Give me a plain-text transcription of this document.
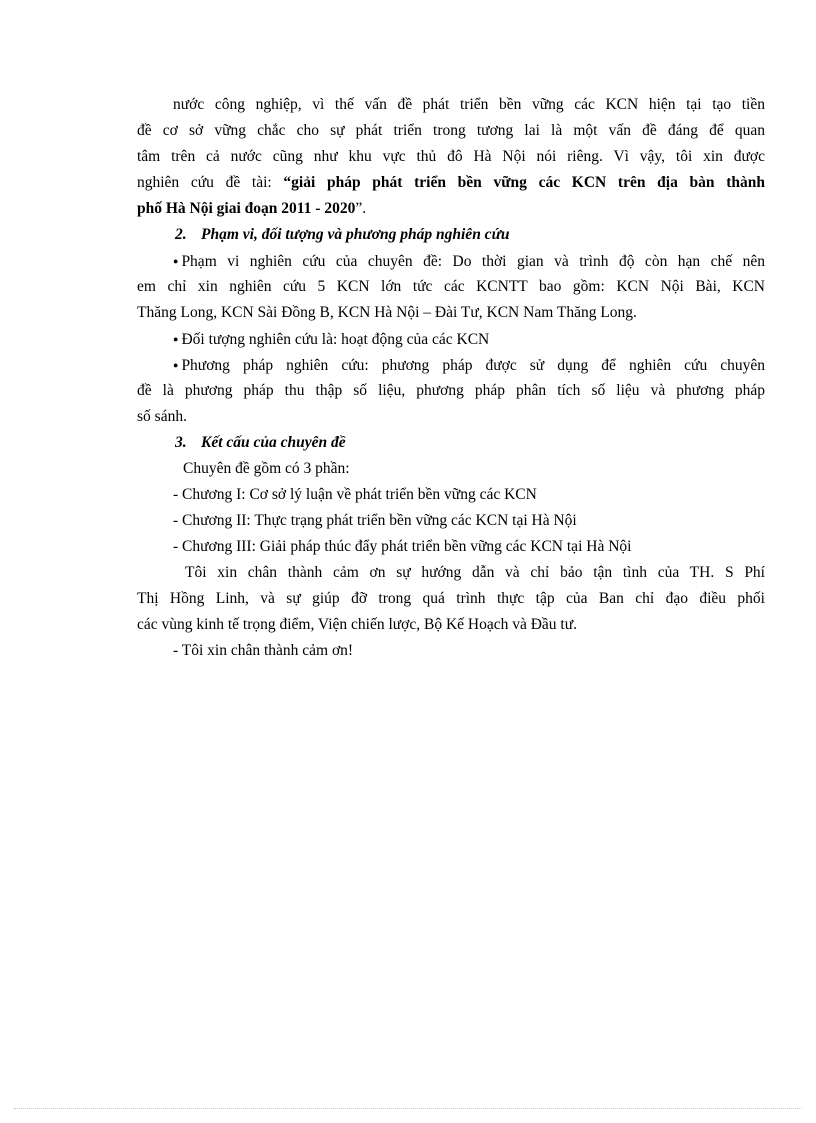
nước công nghiệp, vì thế vấn đề phát triển bền vững các KCN hiện tại tạo tiền
đề cơ sở vững chắc cho sự phát triển trong tương lai là một vấn đề đáng để quan
tâm trên cả nước cũng như khu vực thủ đô Hà Nội nói riêng. Vì vậy, tôi xin được
nghiên cứu đề tài: “giải pháp phát triển bền vững các KCN trên địa bàn thành
phố Hà Nội giai đoạn 2011 - 2020”.
2. Phạm vi, đối tượng và phương pháp nghiên cứu
● Phạm vi nghiên cứu của chuyên đề: Do thời gian và trình độ còn hạn chế nên
em chỉ xin nghiên cứu 5 KCN lớn tức các KCNTT bao gồm: KCN Nội Bài, KCN
Thăng Long, KCN Sài Đồng B, KCN Hà Nội – Đài Tư, KCN Nam Thăng Long.
● Đối tượng nghiên cứu là: hoạt động của các KCN
● Phương pháp nghiên cứu: phương pháp được sử dụng để nghiên cứu chuyên
đề là phương pháp thu thập số liệu, phương pháp phân tích số liệu và phương pháp
số sánh.
3. Kết cấu của chuyên đề
Chuyên đề gồm có 3 phần:
- Chương I: Cơ sở lý luận về phát triển bền vững các KCN
- Chương II: Thực trạng phát triển bền vững các KCN tại Hà Nội
- Chương III: Giải pháp thúc đẩy phát triển bền vững các KCN tại Hà Nội
Tôi xin chân thành cảm ơn sự hướng dẫn và chỉ bảo tận tình của TH. S Phí
Thị Hồng Linh, và sự giúp đỡ trong quá trình thực tập của Ban chỉ đạo điều phối
các vùng kinh tế trọng điểm, Viện chiến lược, Bộ Kế Hoạch và Đầu tư.
- Tôi xin chân thành cảm ơn!
